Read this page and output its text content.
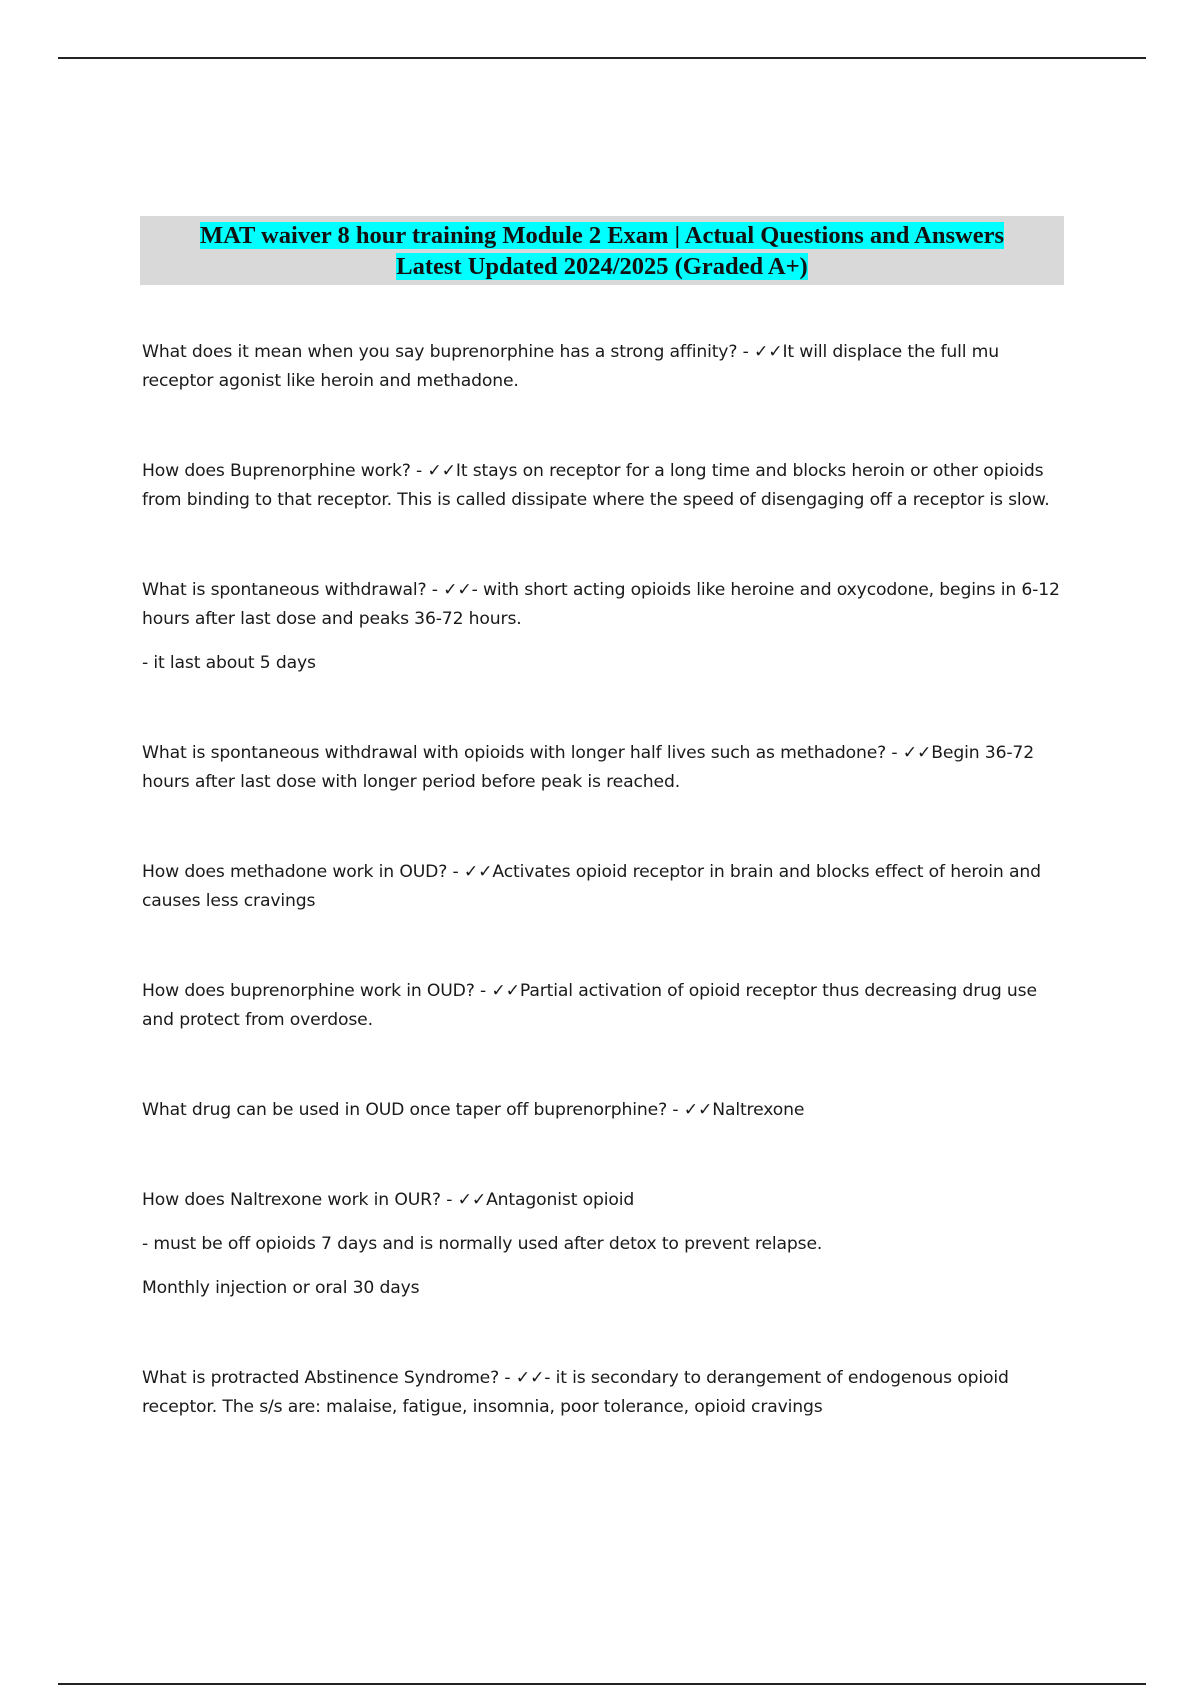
MAT waiver 8 hour training Module 2 Exam | Actual Questions and Answers
Latest Updated 2024/2025 (Graded A+)

What does it mean when you say buprenorphine has a strong affinity? - ✓✓It will displace the full mu receptor agonist like heroin and methadone.

How does Buprenorphine work? - ✓✓It stays on receptor for a long time and blocks heroin or other opioids from binding to that receptor. This is called dissipate where the speed of disengaging off a receptor is slow.

What is spontaneous withdrawal? - ✓✓- with short acting opioids like heroine and oxycodone, begins in 6-12 hours after last dose and peaks 36-72 hours.

- it last about 5 days

What is spontaneous withdrawal with opioids with longer half lives such as methadone? - ✓✓Begin 36-72 hours after last dose with longer period before peak is reached.

How does methadone work in OUD? - ✓✓Activates opioid receptor in brain and blocks effect of heroin and causes less cravings

How does buprenorphine work in OUD? - ✓✓Partial activation of opioid receptor thus decreasing drug use and protect from overdose.

What drug can be used in OUD once taper off buprenorphine? - ✓✓Naltrexone

How does Naltrexone work in OUR? - ✓✓Antagonist opioid

- must be off opioids 7 days and is normally used after detox to prevent relapse.

Monthly injection or oral 30 days

What is protracted Abstinence Syndrome? - ✓✓- it is secondary to derangement of endogenous opioid receptor. The s/s are: malaise, fatigue, insomnia, poor tolerance, opioid cravings
